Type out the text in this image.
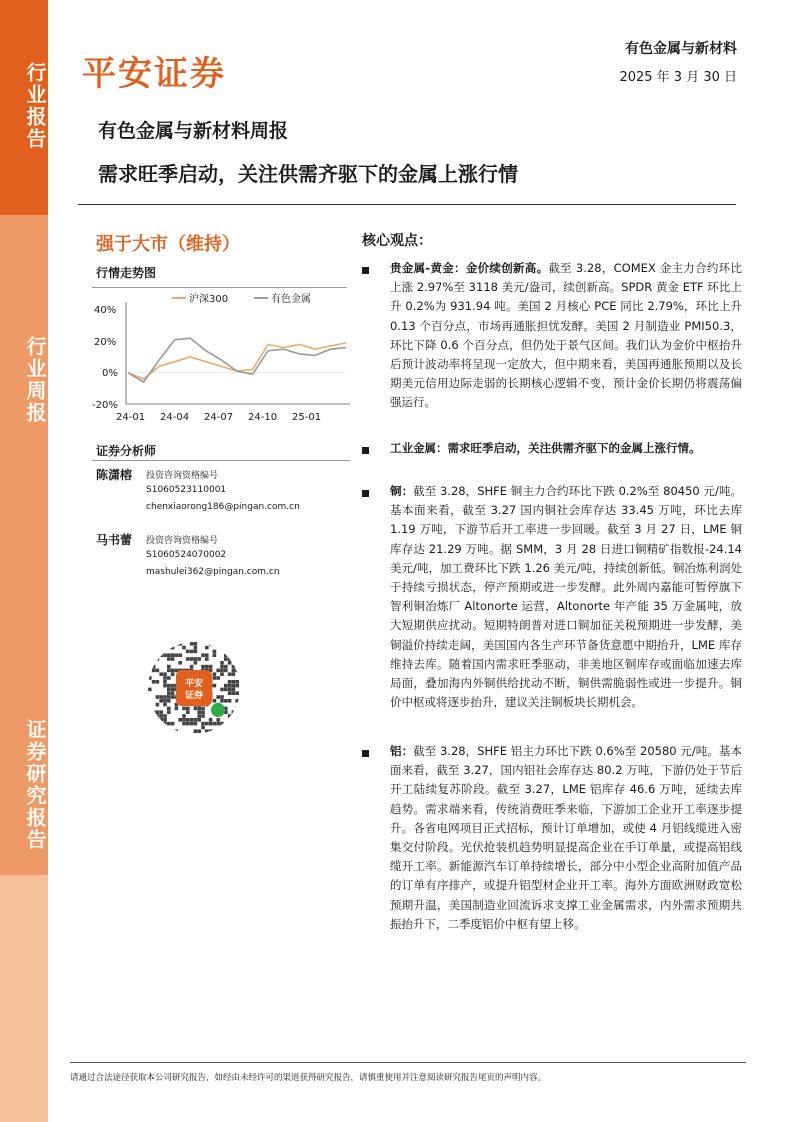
行业报告
行业周报
证券研究报告
平安证券
有色金属与新材料
2025 年 3 月 30 日
有色金属与新材料周报
需求旺季启动，关注供需齐驱下的金属上涨行情
强于大市（维持）
行情走势图
沪深300	有色金属
40%
20%
0%
-20%
24-01 24-04 24-07 24-10 25-01
证券分析师
陈潇榕 投资咨询资格编号
S1060523110001
chenxiaorong186@pingan.com.cn
马书蕾 投资咨询资格编号
S1060524070002
mashulei362@pingan.com.cn
平安
证券
核心观点：
贵金属-黄金：金价续创新高。截至 3.28，COMEX 金主力合约环比上涨 2.97%至 3118 美元/盎司，续创新高。SPDR 黄金 ETF 环比上升 0.2%为 931.94 吨。美国 2 月核心 PCE 同比 2.79%，环比上升 0.13 个百分点，市场再通胀担忧发酵。美国 2 月制造业 PMI50.3，环比下降 0.6 个百分点，但仍处于景气区间。我们认为金价中枢抬升后预计波动率将呈现一定放大，但中期来看，美国再通胀预期以及长期美元信用边际走弱的长期核心逻辑不变，预计金价长期仍将震荡偏强运行。
工业金属：需求旺季启动，关注供需齐驱下的金属上涨行情。
铜：截至 3.28，SHFE 铜主力合约环比下跌 0.2%至 80450 元/吨。基本面来看，截至 3.27 国内铜社会库存达 33.45 万吨，环比去库 1.19 万吨，下游节后开工率进一步回暖。截至 3 月 27 日，LME 铜库存达 21.29 万吨。据 SMM，3 月 28 日进口铜精矿指数报-24.14 美元/吨，加工费环比下跌 1.26 美元/吨，持续创新低。铜冶炼利润处于持续亏损状态，停产预期或进一步发酵。此外周内嘉能可暂停旗下智利铜冶炼厂 Altonorte 运营，Altonorte 年产能 35 万金属吨，放大短期供应扰动。短期特朗普对进口铜加征关税预期进一步发酵，美铜溢价持续走阔，美国国内各生产环节备货意愿中期抬升，LME 库存维持去库。随着国内需求旺季驱动，非美地区铜库存或面临加速去库局面，叠加海内外铜供给扰动不断，铜供需脆弱性或进一步提升。铜价中枢或将逐步抬升，建议关注铜板块长期机会。
铝：截至 3.28，SHFE 铝主力环比下跌 0.6%至 20580 元/吨。基本面来看，截至 3.27，国内铝社会库存达 80.2 万吨，下游仍处于节后开工陆续复苏阶段。截至 3.27，LME 铝库存 46.6 万吨，延续去库趋势。需求端来看，传统消费旺季来临，下游加工企业开工率逐步提升。各省电网项目正式招标，预计订单增加，或使 4 月铝线缆进入密集交付阶段。光伏抢装机趋势明显提高企业在手订单量，或提高铝线缆开工率。新能源汽车订单持续增长，部分中小型企业高附加值产品的订单有序排产，或提升铝型材企业开工率。海外方面欧洲财政宽松预期升温，美国制造业回流诉求支撑工业金属需求，内外需求预期共振抬升下，二季度铝价中枢有望上移。
请通过合法途径获取本公司研究报告，如经由未经许可的渠道获得研究报告，请慎重使用并注意阅读研究报告尾页的声明内容。
